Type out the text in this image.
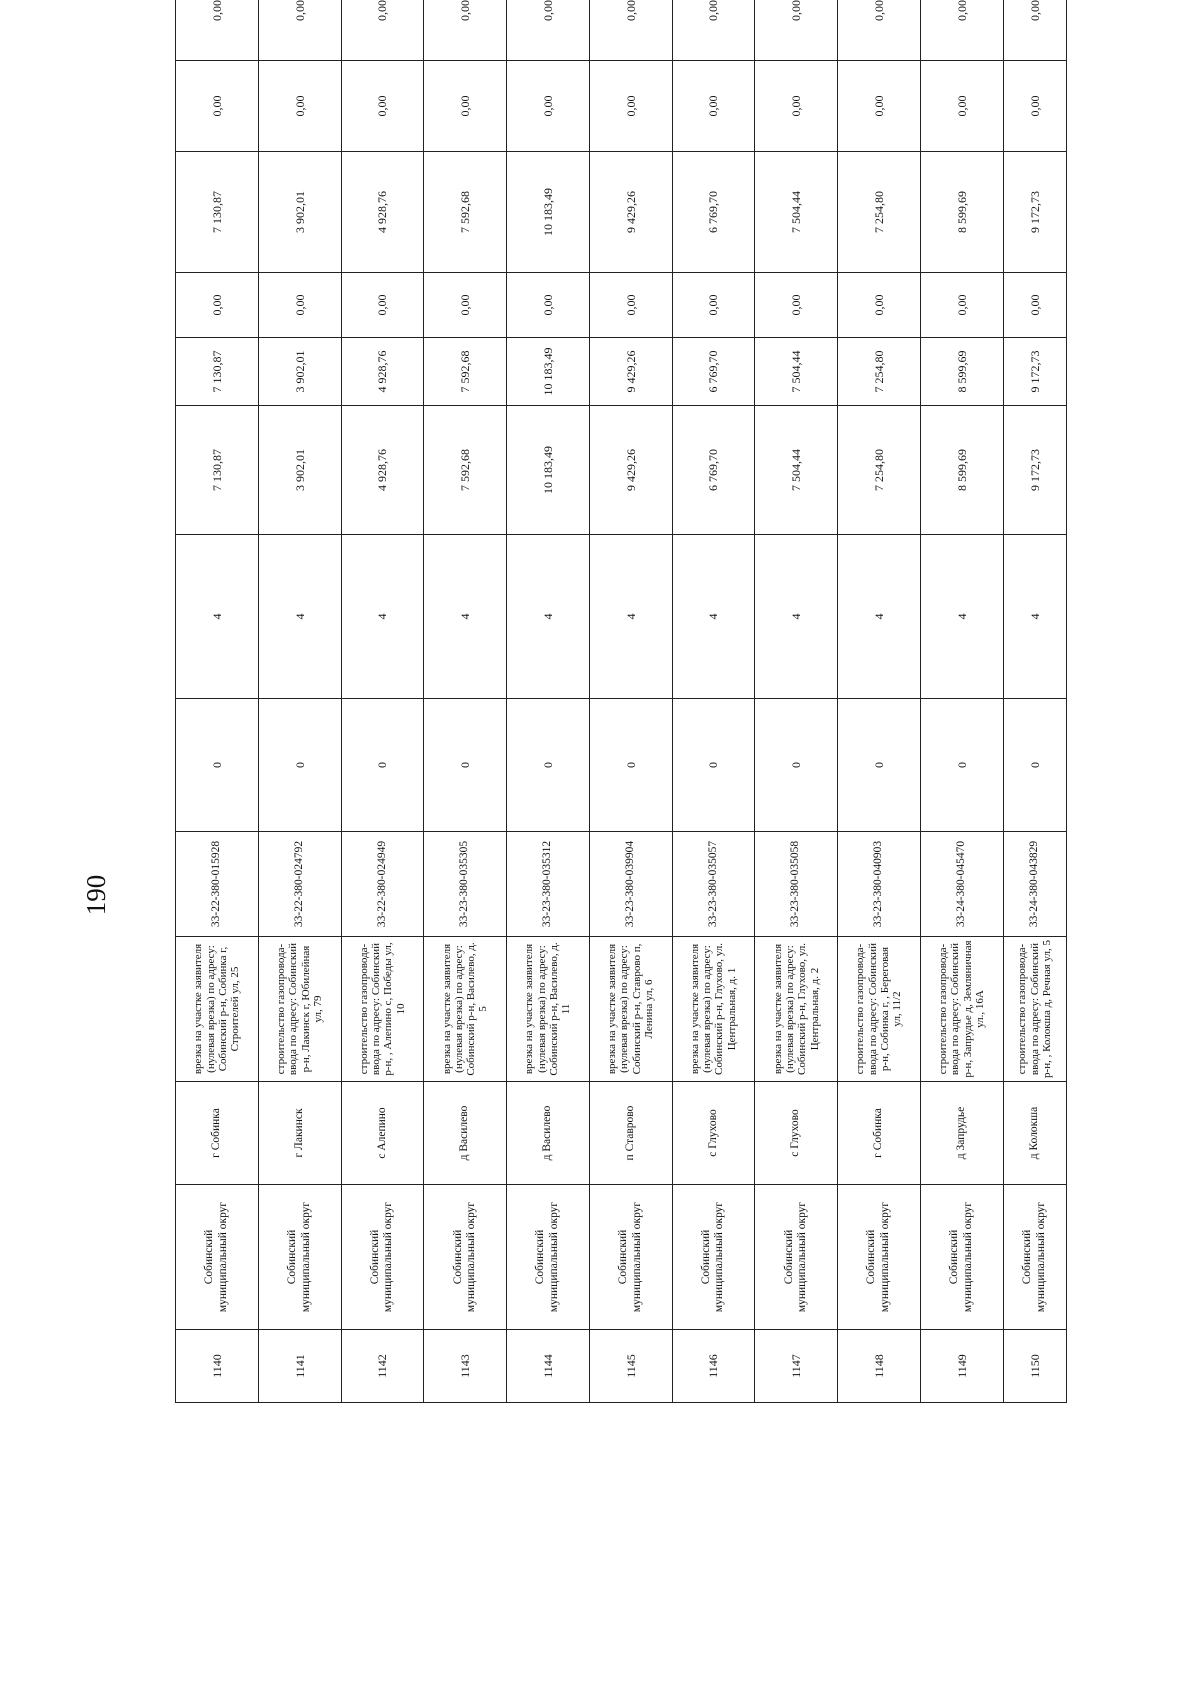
190
1140	Собинский муниципальный округ	г Собинка	врезка на участке заявителя (нулевая врезка) по адресу: Собинский р-н, Собинка г, Строителей ул, 25	33-22-380-015928	0	4	7 130,87	7 130,87	0,00	7 130,87	0,00	0,00
1141	Собинский муниципальный округ	г Лакинск	строительство газопровода-ввода по адресу: Собинский р-н, Лакинск г, Юбилейная ул, 79	33-22-380-024792	0	4	3 902,01	3 902,01	0,00	3 902,01	0,00	0,00
1142	Собинский муниципальный округ	с Алепино	строительство газопровода-ввода по адресу: Собинский р-н, , Алепино с, Победы ул, 10	33-22-380-024949	0	4	4 928,76	4 928,76	0,00	4 928,76	0,00	0,00
1143	Собинский муниципальный округ	д Василево	врезка на участке заявителя (нулевая врезка) по адресу: Собинский р-н, Василево, д. 5	33-23-380-035305	0	4	7 592,68	7 592,68	0,00	7 592,68	0,00	0,00
1144	Собинский муниципальный округ	д Василево	врезка на участке заявителя (нулевая врезка) по адресу: Собинский р-н, Василево, д. 11	33-23-380-035312	0	4	10 183,49	10 183,49	0,00	10 183,49	0,00	0,00
1145	Собинский муниципальный округ	п Ставрово	врезка на участке заявителя (нулевая врезка) по адресу: Собинский р-н, Ставрово п, Ленина ул, 6	33-23-380-039904	0	4	9 429,26	9 429,26	0,00	9 429,26	0,00	0,00
1146	Собинский муниципальный округ	с Глухово	врезка на участке заявителя (нулевая врезка) по адресу: Собинский р-н, Глухово, ул. Центральная, д. 1	33-23-380-035057	0	4	6 769,70	6 769,70	0,00	6 769,70	0,00	0,00
1147	Собинский муниципальный округ	с Глухово	врезка на участке заявителя (нулевая врезка) по адресу: Собинский р-н, Глухово, ул. Центральная, д. 2	33-23-380-035058	0	4	7 504,44	7 504,44	0,00	7 504,44	0,00	0,00
1148	Собинский муниципальный округ	г Собинка	строительство газопровода-ввода по адресу: Собинский р-н, Собинка г, , Береговая ул, 11/2	33-23-380-040903	0	4	7 254,80	7 254,80	0,00	7 254,80	0,00	0,00
1149	Собинский муниципальный округ	д Запрудье	строительство газопровода-ввода по адресу: Собинский р-н, Запрудье д, Земляничная ул., 16А	33-24-380-045470	0	4	8 599,69	8 599,69	0,00	8 599,69	0,00	0,00
1150	Собинский муниципальный округ	д Колокша	строительство газопровода-ввода по адресу: Собинский р-н, , Колокша д, Речная ул, 5	33-24-380-043829	0	4	9 172,73	9 172,73	0,00	9 172,73	0,00	0,00
